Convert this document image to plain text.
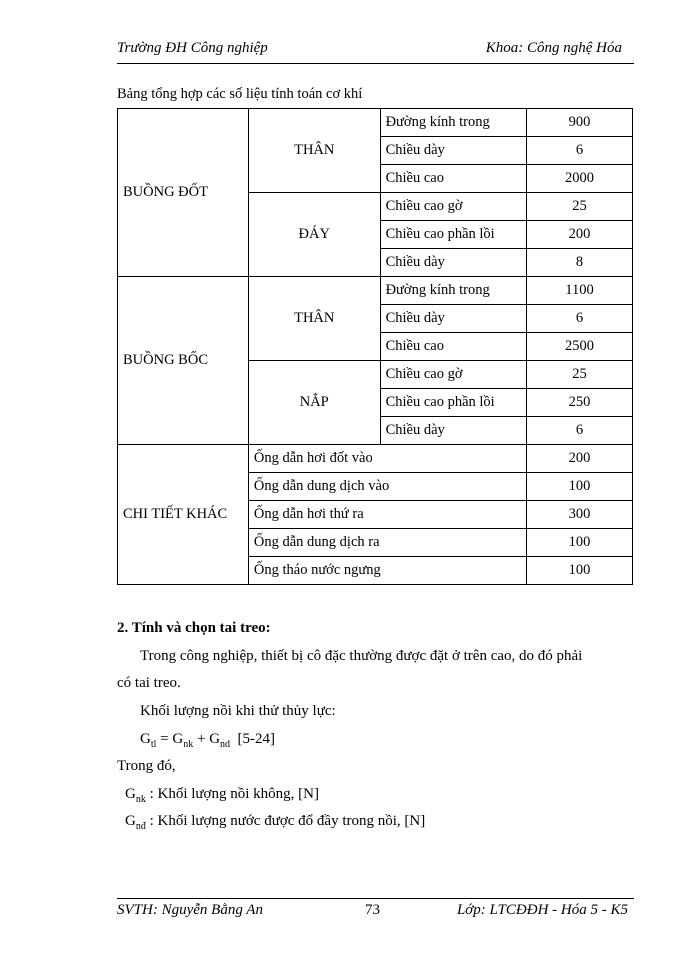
Trường ĐH Công nghiệp	Khoa: Công nghệ Hóa
Bảng tổng hợp các số liệu tính toán cơ khí
BUỒNG ĐỐT	THÂN	Đường kính trong	900
		Chiều dày	6
		Chiều cao	2000
	ĐÁY	Chiều cao gờ	25
		Chiều cao phần lồi	200
		Chiều dày	8
BUỒNG BỐC	THÂN	Đường kính trong	1100
		Chiều dày	6
		Chiều cao	2500
	NẮP	Chiều cao gờ	25
		Chiều cao phần lồi	250
		Chiều dày	6
CHI TIẾT KHÁC	Ống dẫn hơi đốt vào		200
	Ống dẫn dung dịch vào		100
	Ống dẫn hơi thứ ra		300
	Ống dẫn dung dịch ra		100
	Ống tháo nước ngưng		100
2. Tính và chọn tai treo:
Trong công nghiệp, thiết bị cô đặc thường được đặt ở trên cao, do đó phải
có tai treo.
Khối lượng nồi khi thử thủy lực:
$G_{tl} = G_{nk} + G_{nd}$  [5-24]
Trong đó,
$G_{nk}$ : Khối lượng nồi không, [N]
$G_{nđ}$ : Khối lượng nước được đổ đầy trong nồi, [N]
SVTH: Nguyễn Bằng An	73	Lớp: LTCĐĐH - Hóa 5 - K5
